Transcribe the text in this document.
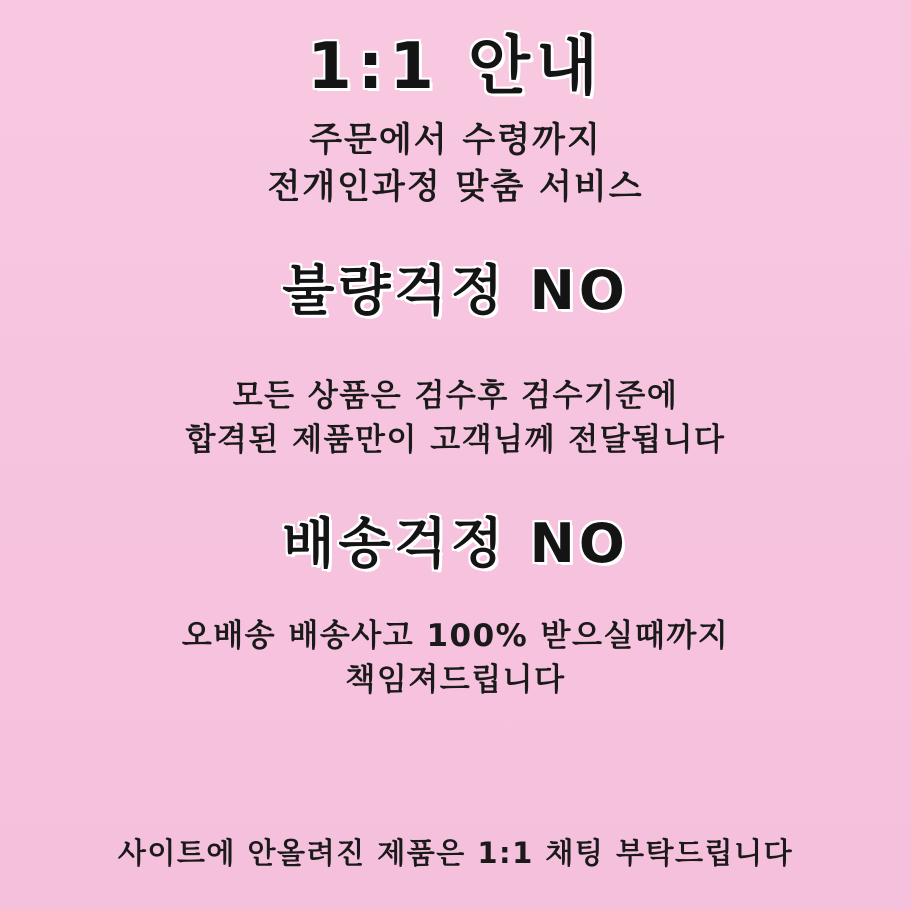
1:1 안내
주문에서 수령까지
전개인과정 맞춤 서비스
불량걱정 NO
모든 상품은 검수후 검수기준에
합격된 제품만이 고객님께 전달됩니다
배송걱정 NO
오배송 배송사고 100% 받으실때까지
책임져드립니다
사이트에 안올려진 제품은 1:1 채팅 부탁드립니다
